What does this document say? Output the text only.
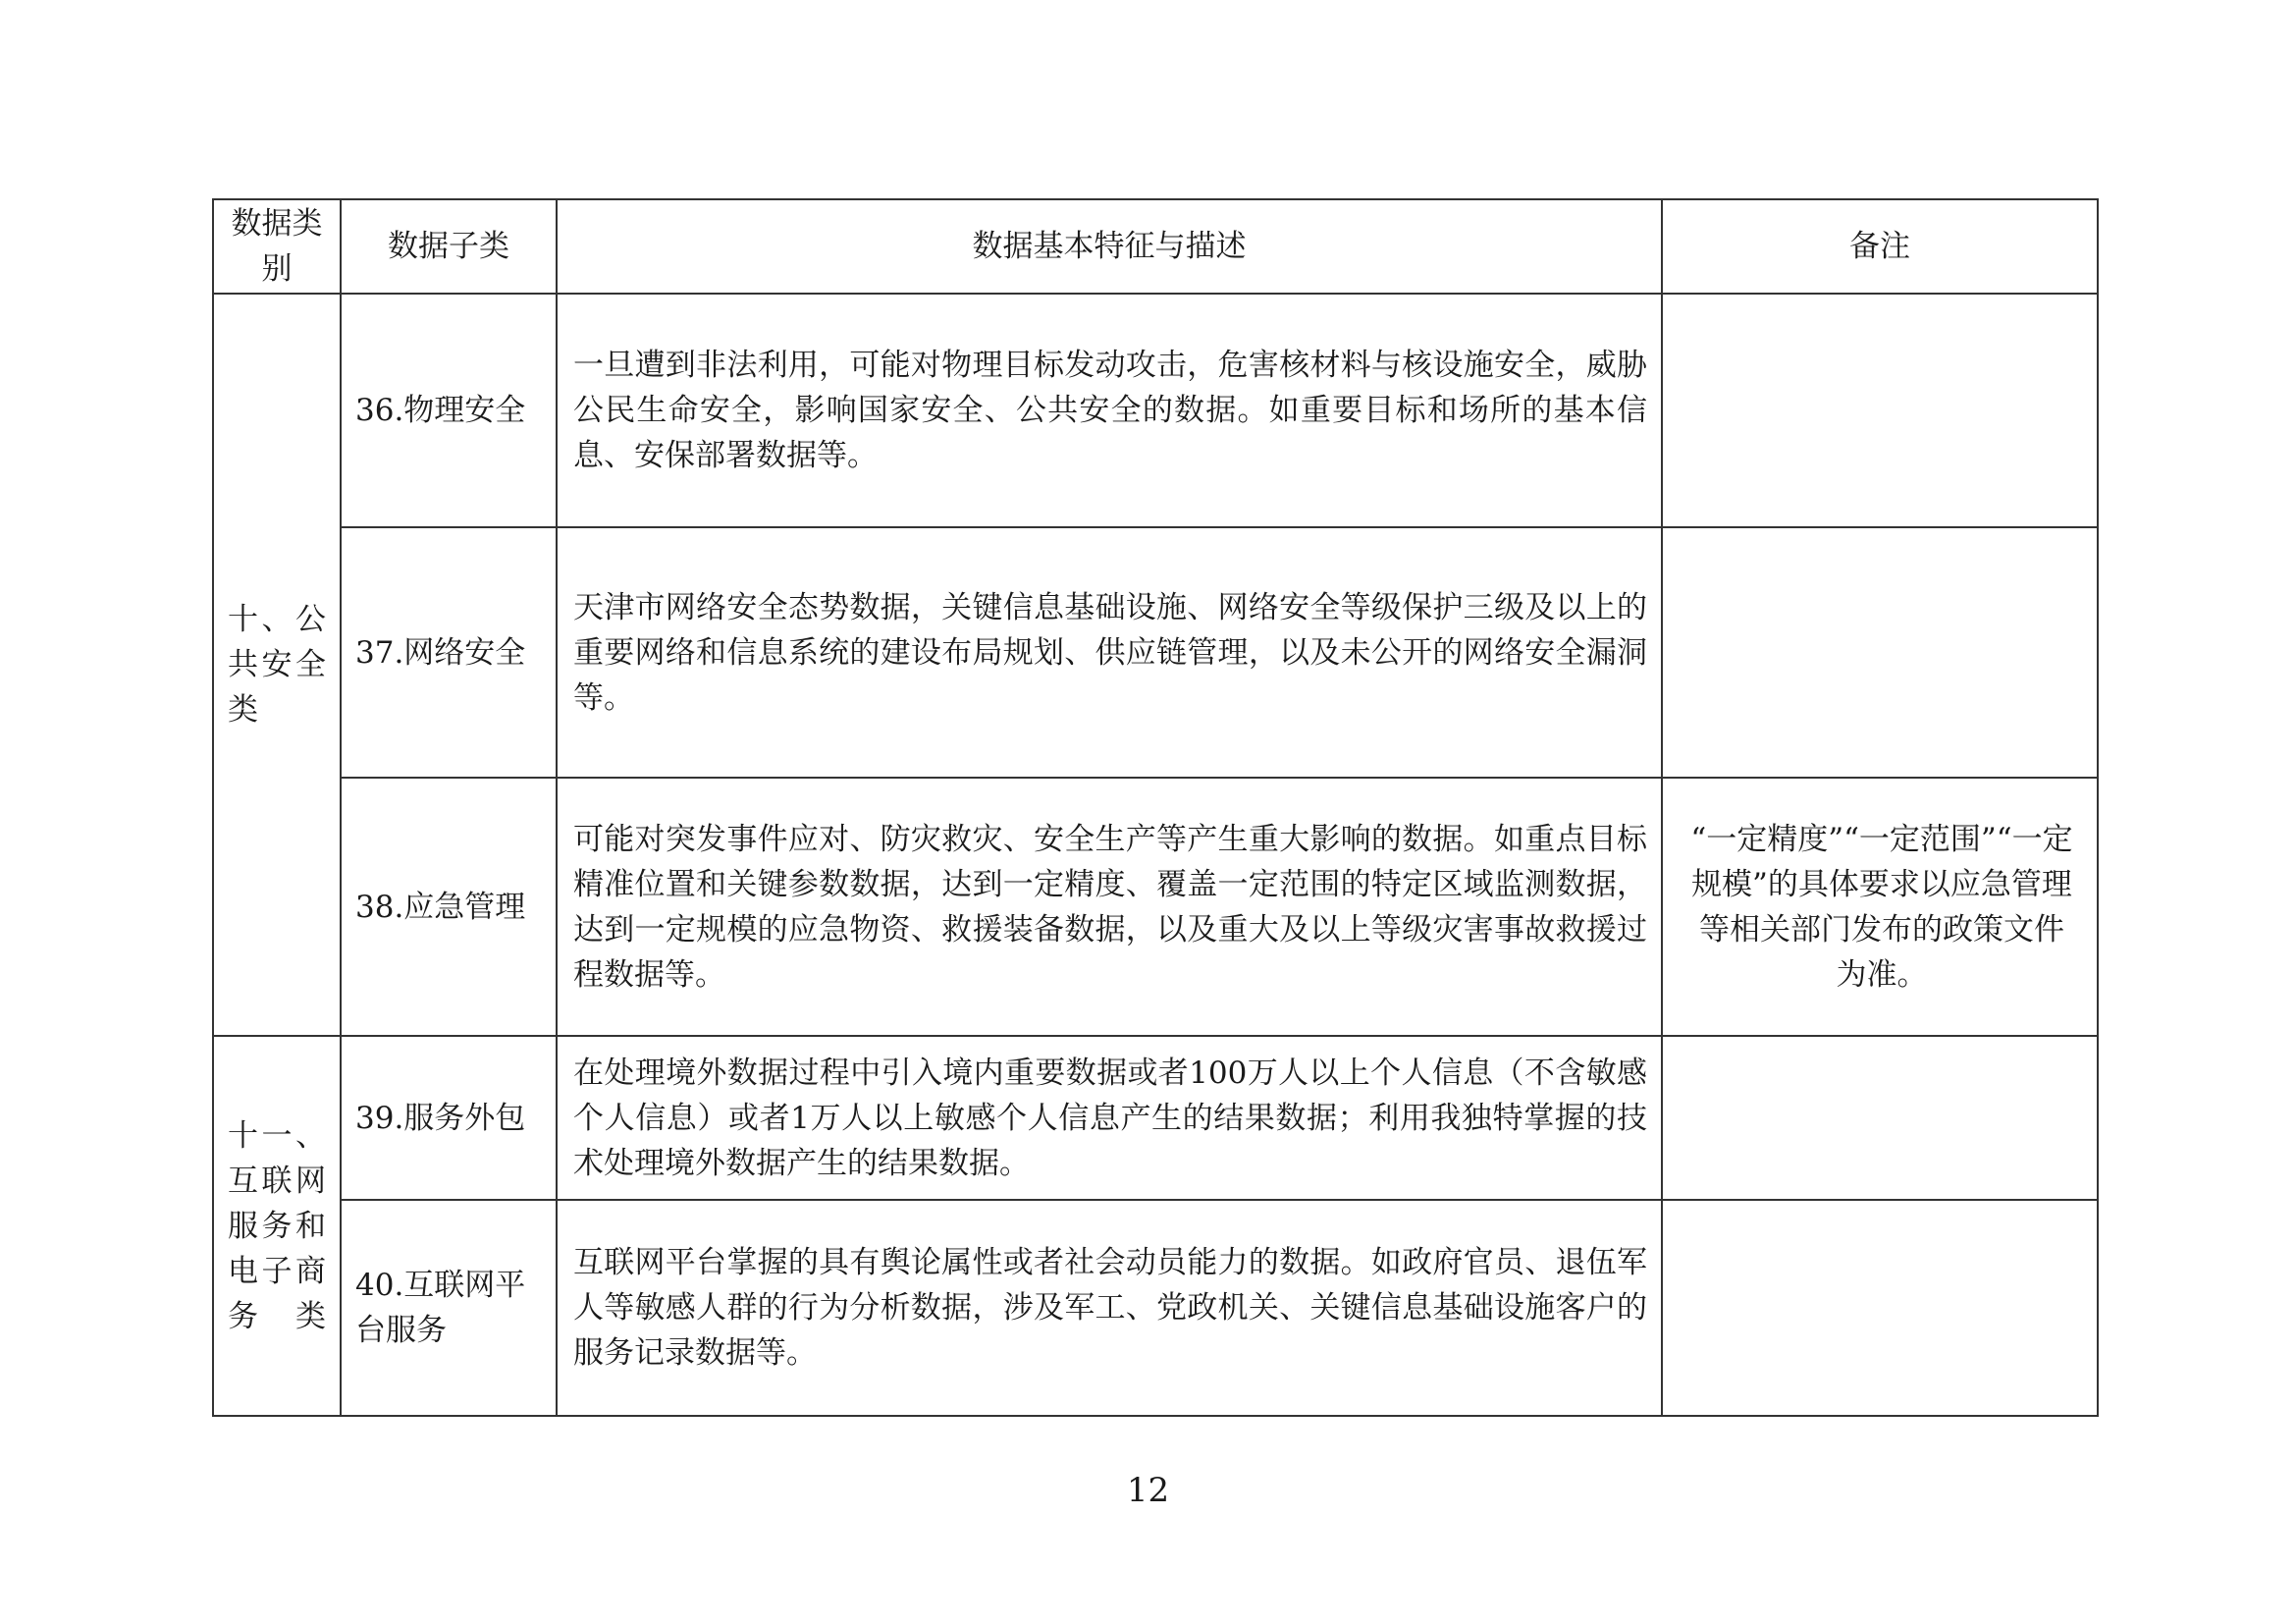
数据类别	数据子类	数据基本特征与描述	备注
十、公共安全类	36.物理安全	一旦遭到非法利用，可能对物理目标发动攻击，危害核材料与核设施安全，威胁公民生命安全，影响国家安全、公共安全的数据。如重要目标和场所的基本信息、安保部署数据等。	
	37.网络安全	天津市网络安全态势数据，关键信息基础设施、网络安全等级保护三级及以上的重要网络和信息系统的建设布局规划、供应链管理，以及未公开的网络安全漏洞等。	
	38.应急管理	可能对突发事件应对、防灾救灾、安全生产等产生重大影响的数据。如重点目标精准位置和关键参数数据，达到一定精度、覆盖一定范围的特定区域监测数据，达到一定规模的应急物资、救援装备数据，以及重大及以上等级灾害事故救援过程数据等。	“一定精度”“一定范围”“一定规模”的具体要求以应急管理等相关部门发布的政策文件为准。
十一、互联网服务和电子商务类	39.服务外包	在处理境外数据过程中引入境内重要数据或者100万人以上个人信息（不含敏感个人信息）或者1万人以上敏感个人信息产生的结果数据；利用我独特掌握的技术处理境外数据产生的结果数据。	
	40.互联网平台服务	互联网平台掌握的具有舆论属性或者社会动员能力的数据。如政府官员、退伍军人等敏感人群的行为分析数据，涉及军工、党政机关、关键信息基础设施客户的服务记录数据等。	
12
